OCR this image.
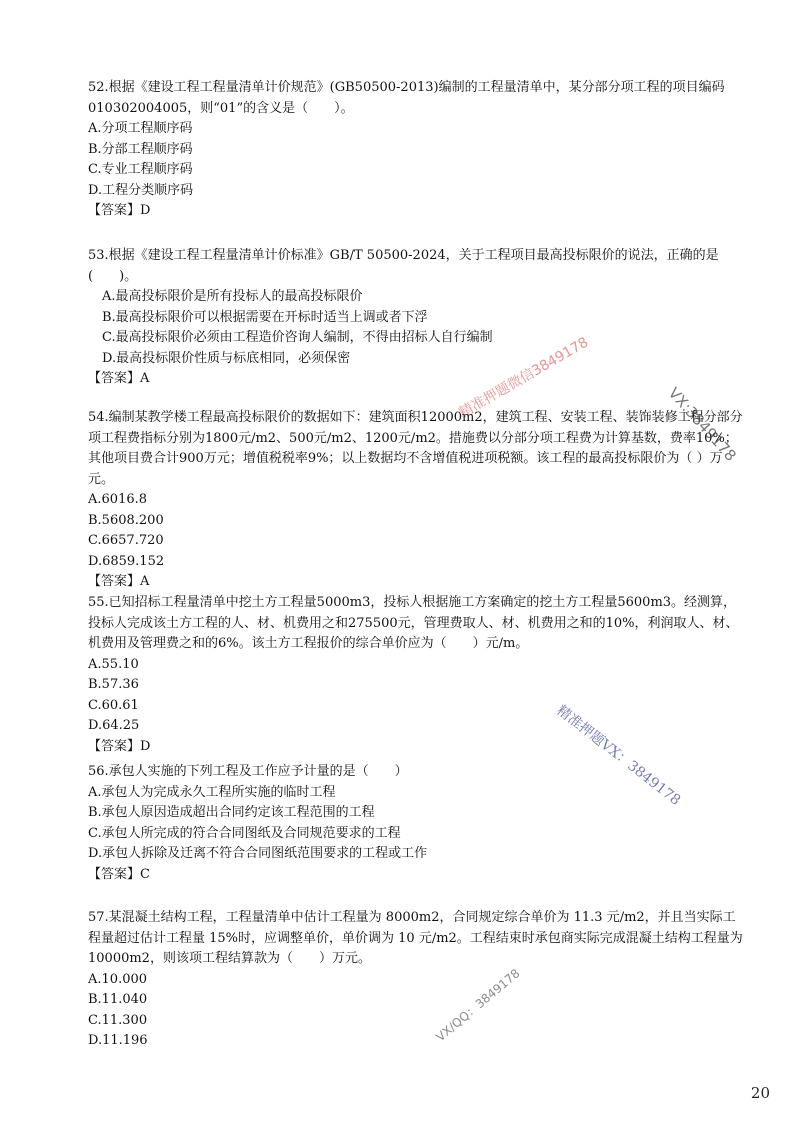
52.根据《建设工程工程量清单计价规范》(GB50500-2013)编制的工程量清单中，某分部分项工程的项目编码 010302004005，则“01”的含义是（　　）。

A.分项工程顺序码

B.分部工程顺序码

C.专业工程顺序码

D.工程分类顺序码

【答案】D

53.根据《建设工程工程量清单计价标准》GB/T 50500-2024，关于工程项目最高投标限价的说法，正确的是(　　)。

A.最高投标限价是所有投标人的最高投标限价

B.最高投标限价可以根据需要在开标时适当上调或者下浮

C.最高投标限价必须由工程造价咨询人编制，不得由招标人自行编制

D.最高投标限价性质与标底相同，必须保密

【答案】A

54.编制某教学楼工程最高投标限价的数据如下：建筑面积12000m2，建筑工程、安装工程、装饰装修工程分部分项工程费指标分别为1800元/m2、500元/m2、1200元/m2。措施费以分部分项工程费为计算基数，费率10%；其他项目费合计900万元；增值税税率9%；以上数据均不含增值税进项税额。该工程的最高投标限价为（ ）万元。

A.6016.8

B.5608.200

C.6657.720

D.6859.152

【答案】A

55.已知招标工程量清单中挖土方工程量5000m3，投标人根据施工方案确定的挖土方工程量5600m3。经测算，投标人完成该土方工程的人、材、机费用之和275500元，管理费取人、材、机费用之和的10%，利润取人、材、机费用及管理费之和的6%。该土方工程报价的综合单价应为（　　）元/m。

A.55.10

B.57.36

C.60.61

D.64.25

【答案】D

56.承包人实施的下列工程及工作应予计量的是（　　）

A.承包人为完成永久工程所实施的临时工程

B.承包人原因造成超出合同约定该工程范围的工程

C.承包人所完成的符合合同图纸及合同规范要求的工程

D.承包人拆除及迁离不符合合同图纸范围要求的工程或工作

【答案】C

57.某混凝土结构工程，工程量清单中估计工程量为 8000m2，合同规定综合单价为 11.3 元/m2，并且当实际工程量超过估计工程量 15%时，应调整单价，单价调为 10 元/m2。工程结束时承包商实际完成混凝土结构工程量为 10000m2，则该项工程结算款为（　　）万元。

A.10.000

B.11.040

C.11.300

D.11.196

精准押题微信3849178
VX:3849178
精准押题VX：3849178
VX/QQ：3849178
20
